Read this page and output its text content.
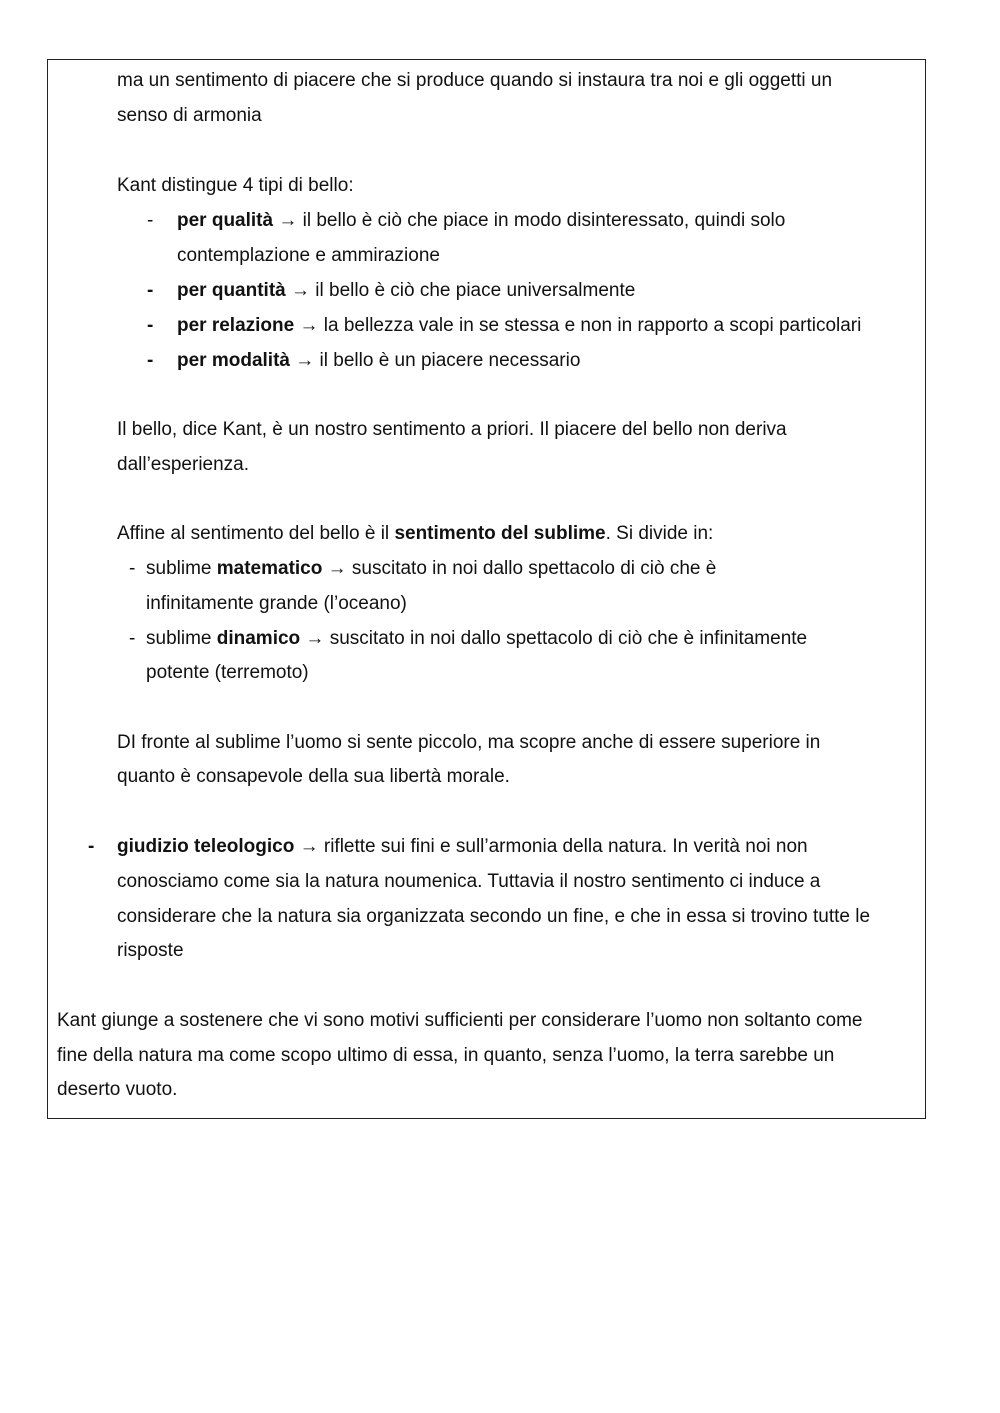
ma un sentimento di piacere che si produce quando si instaura tra noi e gli oggetti un
senso di armonia
Kant distingue 4 tipi di bello:
- per qualità → il bello è ciò che piace in modo disinteressato, quindi solo
contemplazione e ammirazione
- per quantità → il bello è ciò che piace universalmente
- per relazione → la bellezza vale in se stessa e non in rapporto a scopi particolari
- per modalità → il bello è un piacere necessario
Il bello, dice Kant, è un nostro sentimento a priori. Il piacere del bello non deriva
dall’esperienza.
Affine al sentimento del bello è il sentimento del sublime. Si divide in:
- sublime matematico → suscitato in noi dallo spettacolo di ciò che è
infinitamente grande (l’oceano)
- sublime dinamico → suscitato in noi dallo spettacolo di ciò che è infinitamente
potente (terremoto)
DI fronte al sublime l’uomo si sente piccolo, ma scopre anche di essere superiore in
quanto è consapevole della sua libertà morale.
- giudizio teleologico → riflette sui fini e sull’armonia della natura. In verità noi non
conosciamo come sia la natura noumenica. Tuttavia il nostro sentimento ci induce a
considerare che la natura sia organizzata secondo un fine, e che in essa si trovino tutte le
risposte
Kant giunge a sostenere che vi sono motivi sufficienti per considerare l’uomo non soltanto come
fine della natura ma come scopo ultimo di essa, in quanto, senza l’uomo, la terra sarebbe un
deserto vuoto.
